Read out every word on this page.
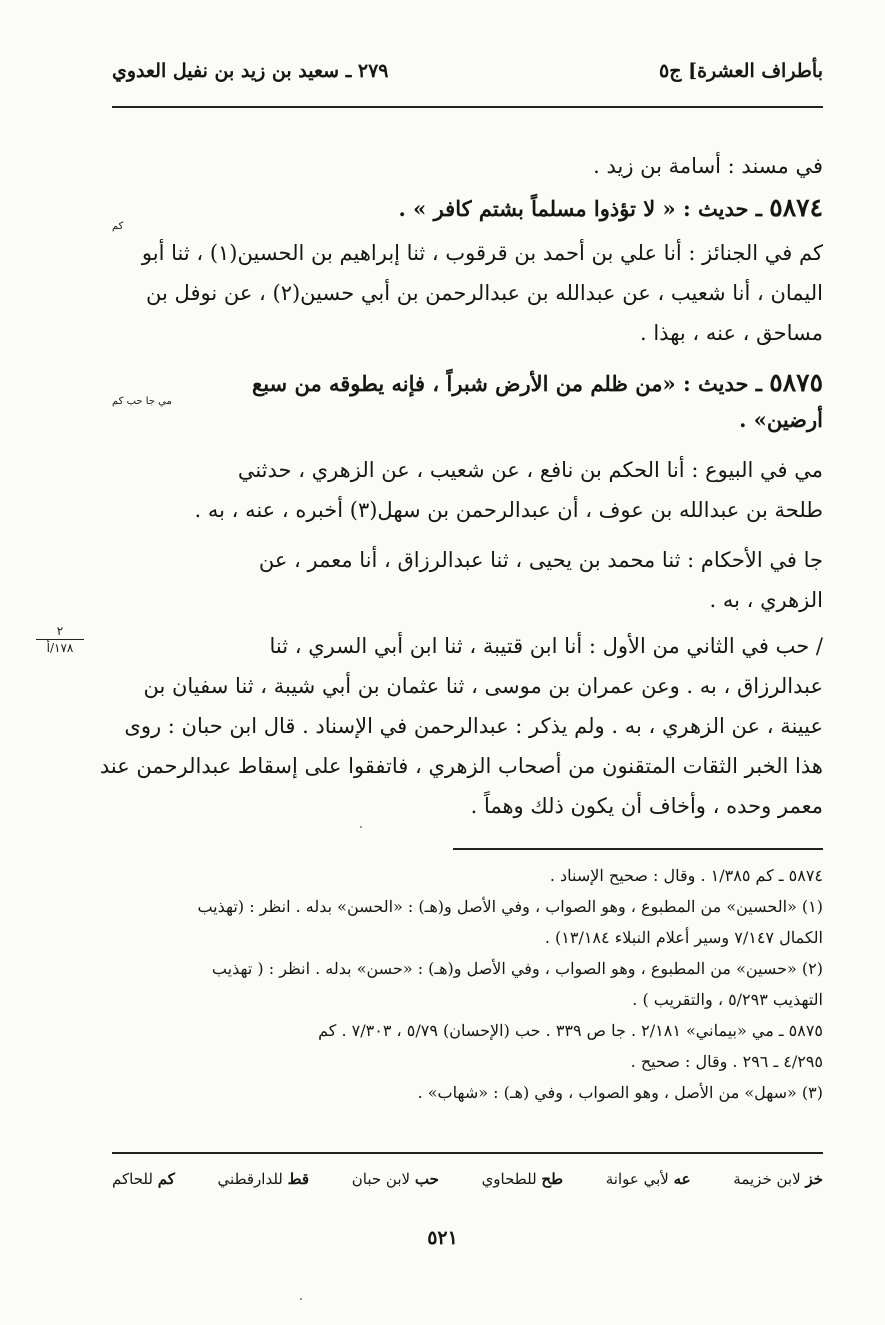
بأطراف العشرة] ج٥
٢٧٩ ـ سعيد بن زيد بن نفيل العدوي
في مسند : أسامة بن زيد .
٥٨٧٤ ـ حديث : « لا تؤذوا مسلماً بشتم كافر » .
كم
كم في الجنائز : أنا علي بن أحمد بن قرقوب ، ثنا إبراهيم بن الحسين(١) ، ثنا أبو
اليمان ، أنا شعيب ، عن عبدالله بن عبدالرحمن بن أبي حسين(٢) ، عن نوفل بن
مساحق ، عنه ، بهذا .
٥٨٧٥ ـ حديث : «من ظلم من الأرض شبراً ، فإنه يطوقه من سبع
مي جا حب كم
أرضين» .
مي في البيوع : أنا الحكم بن نافع ، عن شعيب ، عن الزهري ، حدثني
طلحة بن عبدالله بن عوف ، أن عبدالرحمن بن سهل(٣) أخبره ، عنه ، به .
جا في الأحكام : ثنا محمد بن يحيى ، ثنا عبدالرزاق ، أنا معمر ، عن
الزهري ، به .
/ حب في الثاني من الأول : أنا ابن قتيبة ، ثنا ابن أبي السري ، ثنا
عبدالرزاق ، به . وعن عمران بن موسى ، ثنا عثمان بن أبي شيبة ، ثنا سفيان بن
عيينة ، عن الزهري ، به . ولم يذكر : عبدالرحمن في الإسناد . قال ابن حبان : روى
هذا الخبر الثقات المتقنون من أصحاب الزهري ، فاتفقوا على إسقاط عبدالرحمن عند
معمر وحده ، وأخاف أن يكون ذلك وهماً .
٢
١٧٨/أ
٥٨٧٤ ـ كم ١/٣٨٥ . وقال : صحيح الإسناد .
(١) «الحسين» من المطبوع ، وهو الصواب ، وفي الأصل و(هـ) : «الحسن» بدله . انظر : (تهذيب
الكمال ٧/١٤٧ وسير أعلام النبلاء ١٣/١٨٤) .
(٢) «حسين» من المطبوع ، وهو الصواب ، وفي الأصل و(هـ) : «حسن» بدله . انظر : ( تهذيب
التهذيب ٥/٢٩٣ ، والتقريب ) .
٥٨٧٥ ـ مي «بيماني» ٢/١٨١ . جا ص ٣٣٩ . حب (الإحسان) ٥/٧٩ ، ٧/٣٠٣ . كم
٤/٢٩٥ ـ ٢٩٦ . وقال : صحيح .
(٣) «سهل» من الأصل ، وهو الصواب ، وفي (هـ) : «شهاب» .
خز لابن خزيمة
عه لأبي عوانة
طح للطحاوي
حب لابن حبان
قط للدارقطني
كم للحاكم
٥٢١
